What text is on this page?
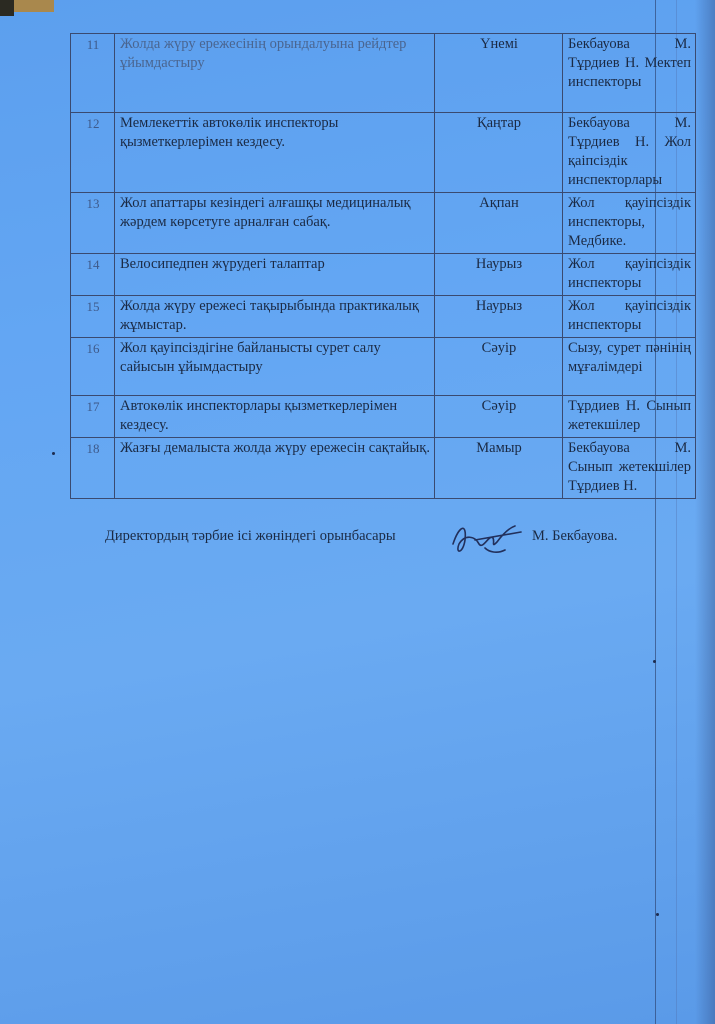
11	Жолда жүру ережесінің орындалуына рейдтер ұйымдастыру	Үнемі	Бекбауова М. Тұрдиев Н. Мектеп инспекторы
12	Мемлекеттік автокөлік инспекторы қызметкерлерімен кездесу.	Қаңтар	Бекбауова М. Тұрдиев Н. Жол қаіпсіздік инспекторлары
13	Жол апаттары кезіндегі алғашқы медициналық жәрдем көрсетуге арналған сабақ.	Ақпан	Жол қауіпсіздік инспекторы, Медбике.
14	Велосипедпен жүрудегі талаптар	Наурыз	Жол қауіпсіздік инспекторы
15	Жолда жүру ережесі тақырыбында практикалық жұмыстар.	Наурыз	Жол қауіпсіздік инспекторы
16	Жол қауіпсіздігіне байланысты сурет салу сайысын ұйымдастыру	Сәуір	Сызу, сурет пәнінің мұғалімдері
17	Автокөлік инспекторлары қызметкерлерімен кездесу.	Сәуір	Тұрдиев Н. Сынып жетекшілер
18	Жазғы демалыста жолда жүру ережесін сақтайық.	Мамыр	Бекбауова М. Сынып жетекшілер Тұрдиев Н.
Директордың тәрбие ісі жөніндегі орынбасары	М. Бекбауова.
